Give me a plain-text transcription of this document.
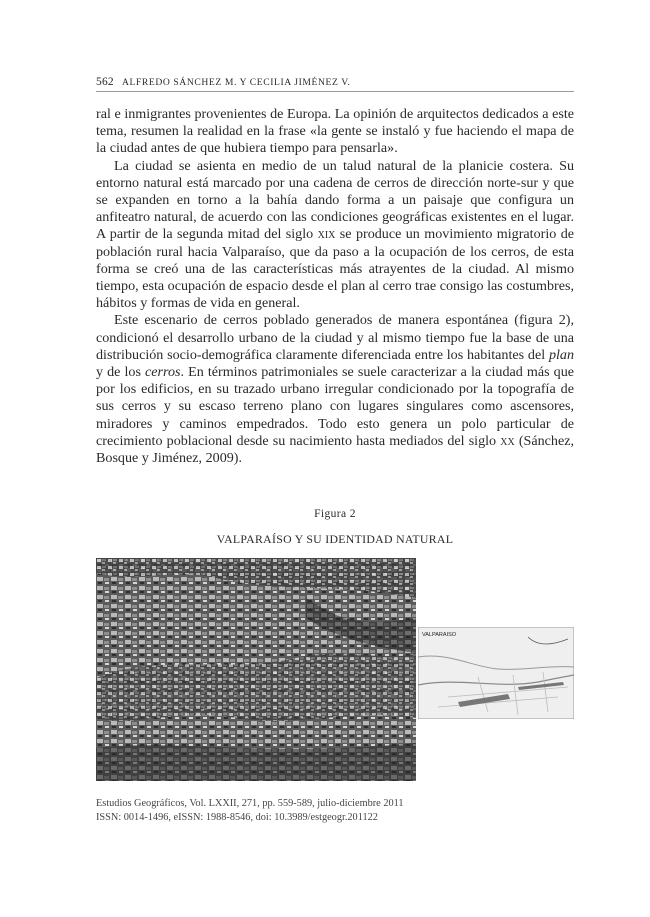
562 ALFREDO SÁNCHEZ M. Y CECILIA JIMÉNEZ V.

ral e inmigrantes provenientes de Europa. La opinión de arquitectos dedicados a este tema, resumen la realidad en la frase «la gente se instaló y fue haciendo el mapa de la ciudad antes de que hubiera tiempo para pensarla».

La ciudad se asienta en medio de un talud natural de la planicie costera. Su entorno natural está marcado por una cadena de cerros de dirección norte-sur y que se expanden en torno a la bahía dando forma a un paisaje que configura un anfiteatro natural, de acuerdo con las condiciones geográficas existentes en el lugar. A partir de la segunda mitad del siglo xix se produce un movimiento migratorio de población rural hacia Valparaíso, que da paso a la ocupación de los cerros, de esta forma se creó una de las características más atrayentes de la ciudad. Al mismo tiempo, esta ocupación de espacio desde el plan al cerro trae consigo las costumbres, hábitos y formas de vida en general.

Este escenario de cerros poblado generados de manera espontánea (figura 2), condicionó el desarrollo urbano de la ciudad y al mismo tiempo fue la base de una distribución socio-demográfica claramente diferenciada entre los habitantes del plan y de los cerros. En términos patrimoniales se suele caracterizar a la ciudad más que por los edificios, en su trazado urbano irregular condicionado por la topografía de sus cerros y su escaso terreno plano con lugares singulares como ascensores, miradores y caminos empedrados. Todo esto genera un polo particular de crecimiento poblacional desde su nacimiento hasta mediados del siglo xx (Sánchez, Bosque y Jiménez, 2009).

Figura 2
VALPARAÍSO Y SU IDENTIDAD NATURAL
VALPARAISO
Estudios Geográficos, Vol. LXXII, 271, pp. 559-589, julio-diciembre 2011
ISSN: 0014-1496, eISSN: 1988-8546, doi: 10.3989/estgeogr.201122
